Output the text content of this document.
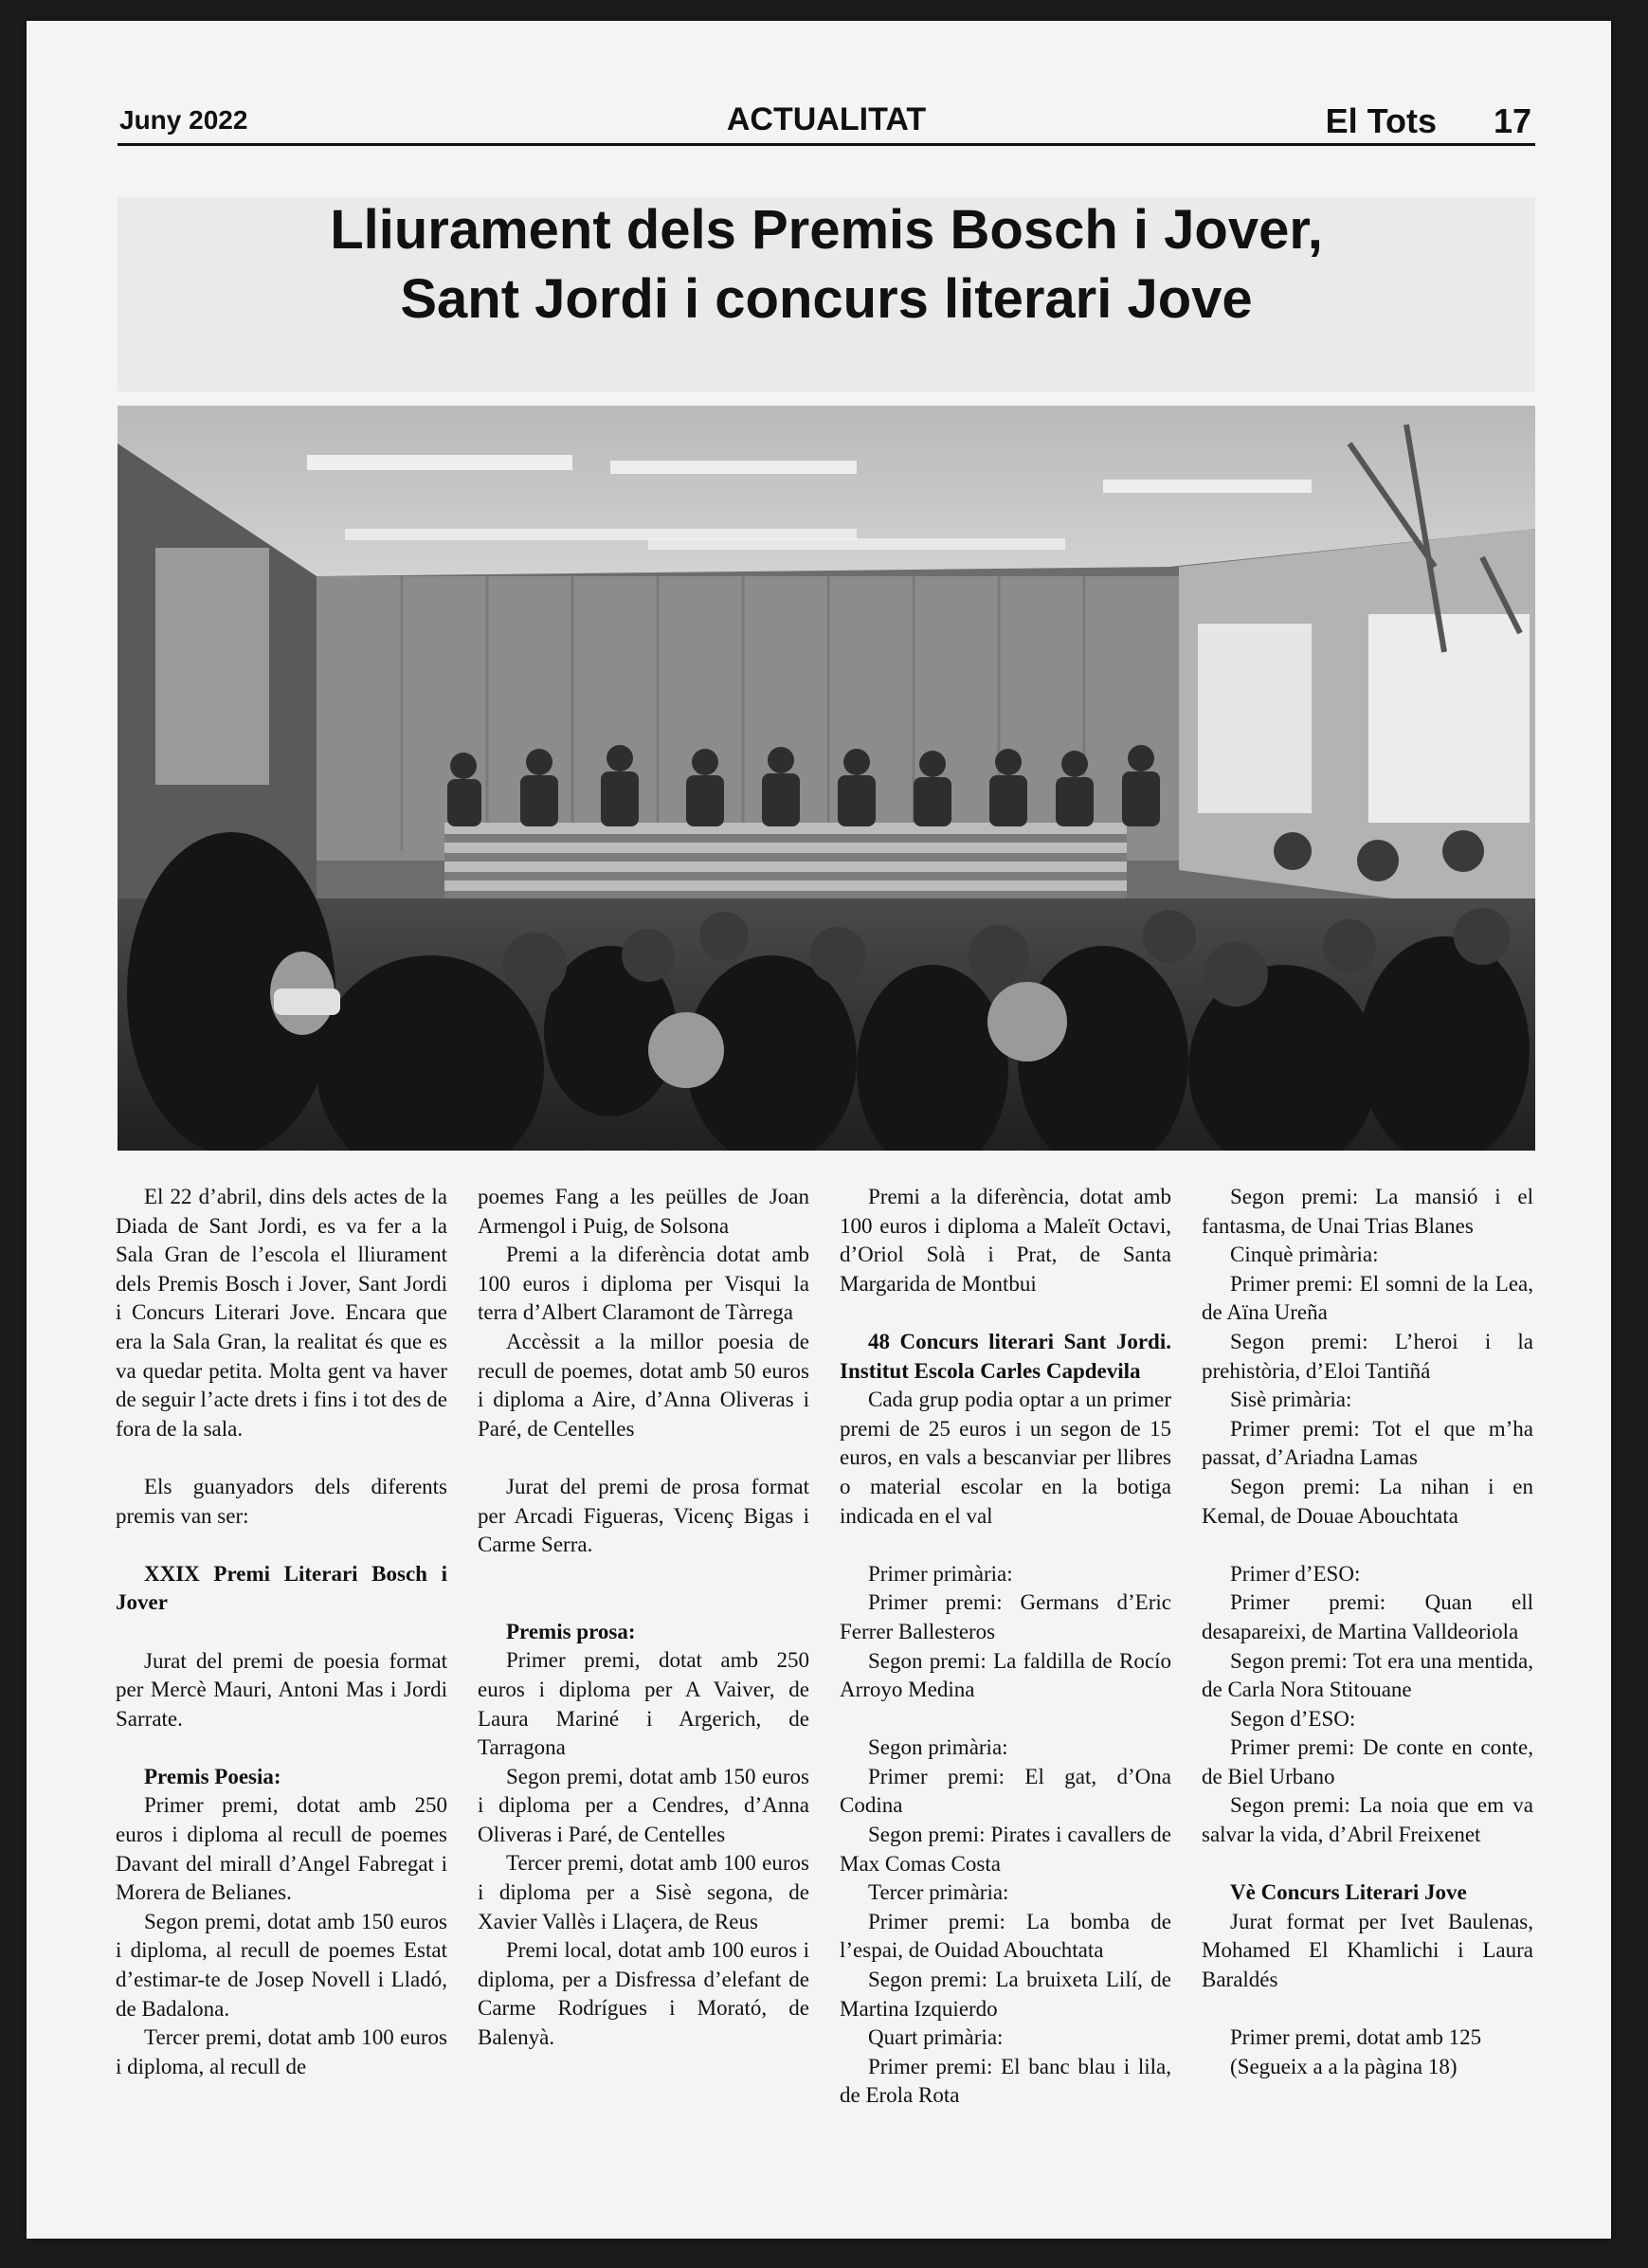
Juny 2022	ACTUALITAT	El Tots 17
Lliurament dels Premis Bosch i Jover,
Sant Jordi i concurs literari Jove

El 22 d’abril, dins dels actes de la Diada de Sant Jordi, es va fer a la Sala Gran de l’escola el lliurament dels Premis Bosch i Jover, Sant Jordi i Concurs Literari Jove. Encara que era la Sala Gran, la realitat és que es va quedar petita. Molta gent va haver de seguir l’acte drets i fins i tot des de fora de la sala.

Els guanyadors dels diferents premis van ser:

XXIX Premi Literari Bosch i Jover

Jurat del premi de poesia format per Mercè Mauri, Antoni Mas i Jordi Sarrate.

Premis Poesia:

Primer premi, dotat amb 250 euros i diploma al recull de poemes Davant del mirall d’Angel Fabregat i Morera de Belianes.

Segon premi, dotat amb 150 euros i diploma, al recull de poemes Estat d’estimar-te de Josep Novell i Lladó, de Badalona.

Tercer premi, dotat amb 100 euros i diploma, al recull de

poemes Fang a les peülles de Joan Armengol i Puig, de Solsona

Premi a la diferència dotat amb 100 euros i diploma per Visqui la terra d’Albert Claramont de Tàrrega

Accèssit a la millor poesia de recull de poemes, dotat amb 50 euros i diploma a Aire, d’Anna Oliveras i Paré, de Centelles

Jurat del premi de prosa format per Arcadi Figueras, Vicenç Bigas i Carme Serra.

Premis prosa:

Primer premi, dotat amb 250 euros i diploma per A Vaiver, de Laura Mariné i Argerich, de Tarragona

Segon premi, dotat amb 150 euros i diploma per a Cendres, d’Anna Oliveras i Paré, de Centelles

Tercer premi, dotat amb 100 euros i diploma per a Sisè segona, de Xavier Vallès i Llaçera, de Reus

Premi local, dotat amb 100 euros i diploma, per a Disfressa d’elefant de Carme Rodrígues i Morató, de Balenyà.

Premi a la diferència, dotat amb 100 euros i diploma a Maleït Octavi, d’Oriol Solà i Prat, de Santa Margarida de Montbui

48 Concurs literari Sant Jordi. Institut Escola Carles Capdevila

Cada grup podia optar a un primer premi de 25 euros i un segon de 15 euros, en vals a bescanviar per llibres o material escolar en la botiga indicada en el val

Primer primària:

Primer premi: Germans d’Eric Ferrer Ballesteros

Segon premi: La faldilla de Rocío Arroyo Medina

Segon primària:

Primer premi: El gat, d’Ona Codina

Segon premi: Pirates i cavallers de Max Comas Costa

Tercer primària:

Primer premi: La bomba de l’espai, de Ouidad Abouchtata

Segon premi: La bruixeta Lilí, de Martina Izquierdo

Quart primària:

Primer premi: El banc blau i lila, de Erola Rota

Segon premi: La mansió i el fantasma, de Unai Trias Blanes

Cinquè primària:

Primer premi: El somni de la Lea, de Aïna Ureña

Segon premi: L’heroi i la prehistòria, d’Eloi Tantiñá

Sisè primària:

Primer premi: Tot el que m’ha passat, d’Ariadna Lamas

Segon premi: La nihan i en Kemal, de Douae Abouchtata

Primer d’ESO:

Primer premi: Quan ell desapareixi, de Martina Valldeoriola

Segon premi: Tot era una mentida, de Carla Nora Stitouane

Segon d’ESO:

Primer premi: De conte en conte, de Biel Urbano

Segon premi: La noia que em va salvar la vida, d’Abril Freixenet

Vè Concurs Literari Jove

Jurat format per Ivet Baulenas, Mohamed El Khamlichi i Laura Baraldés

Primer premi, dotat amb 125

(Segueix a a la pàgina 18)
